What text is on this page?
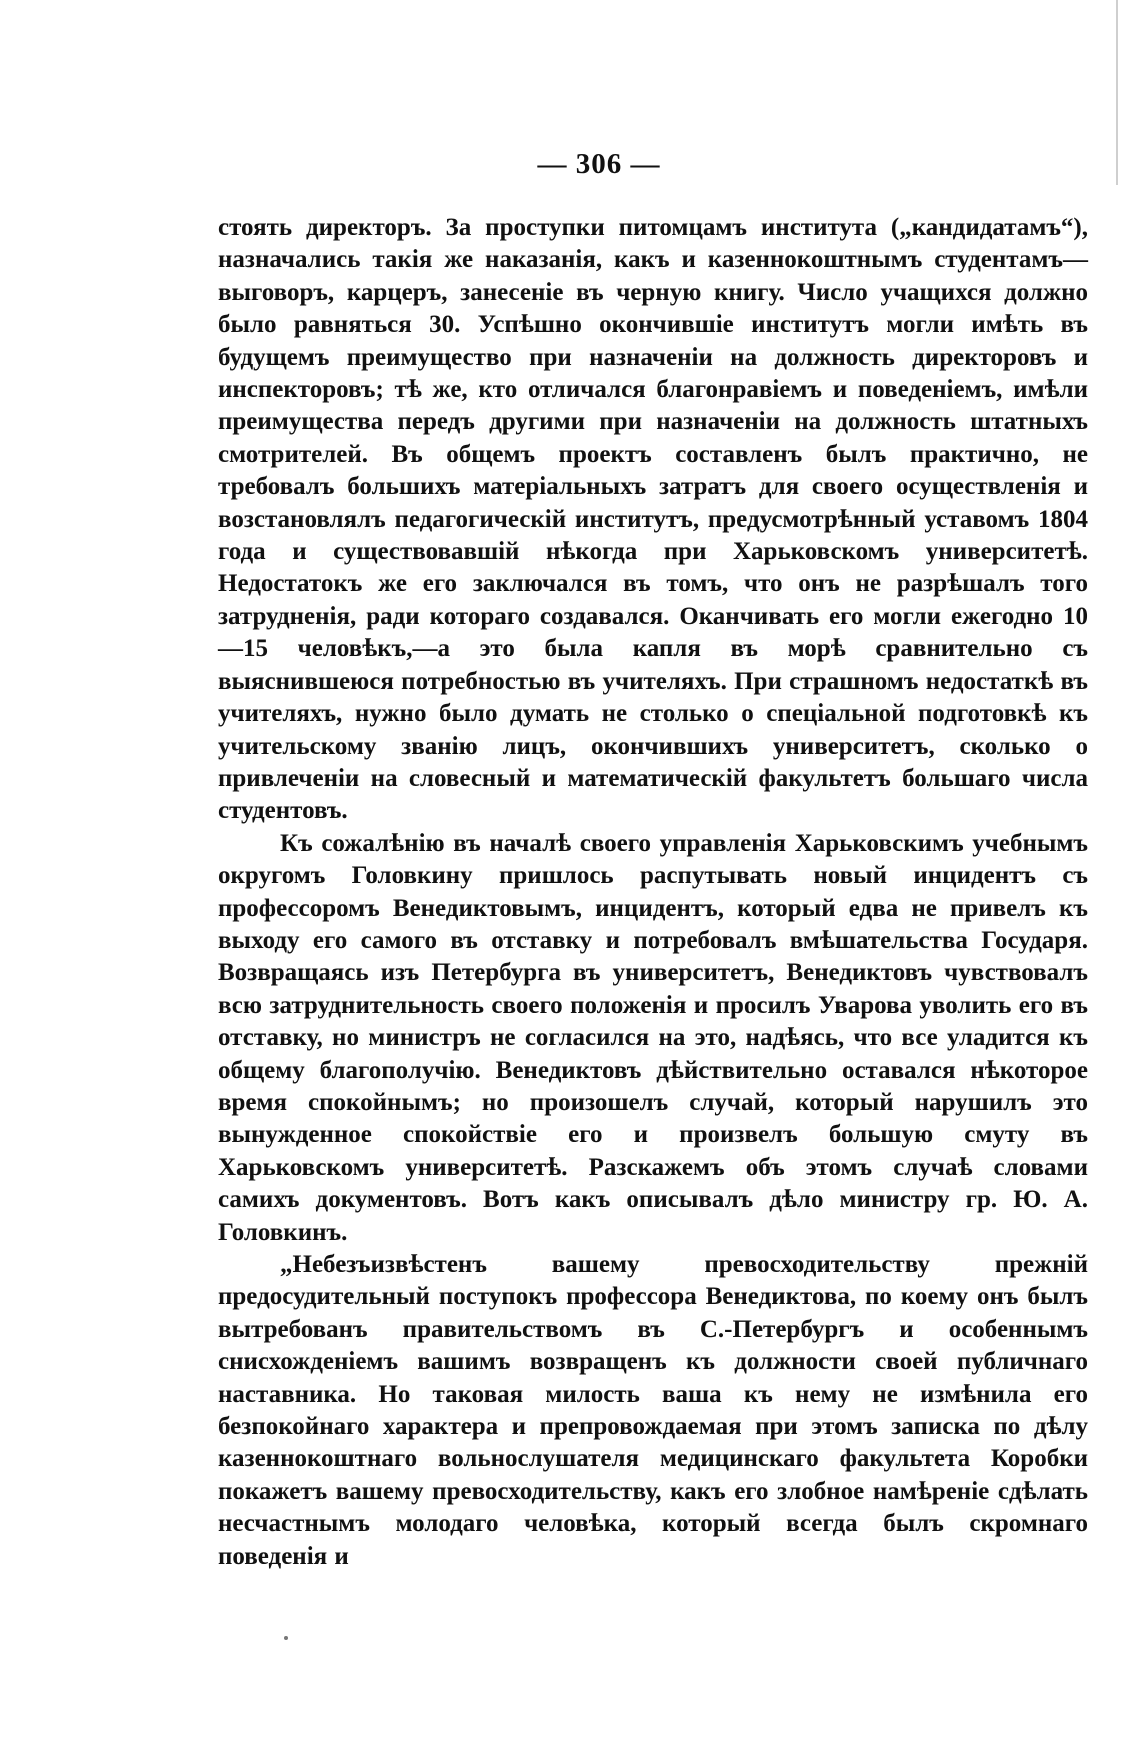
— 306 —

стоять директоръ. За проступки питомцамъ института („кандидатамъ“), назначались такія же наказанія, какъ и казеннокоштнымъ студентамъ—выговоръ, карцеръ, занесеніе въ черную книгу. Число учащихся должно было равняться 30. Успѣшно окончившіе институтъ могли имѣть въ будущемъ преимущество при назначеніи на должность директоровъ и инспекторовъ; тѣ же, кто отличался благонравіемъ и поведеніемъ, имѣли преимущества передъ другими при назначеніи на должность штатныхъ смотрителей. Въ общемъ проектъ составленъ былъ практично, не требовалъ большихъ матеріальныхъ затратъ для своего осуществленія и возстановлялъ педагогическій институтъ, предусмотрѣнный уставомъ 1804 года и существовавшій нѣкогда при Харьковскомъ университетѣ. Недостатокъ же его заключался въ томъ, что онъ не разрѣшалъ того затрудненія, ради котораго создавался. Оканчивать его могли ежегодно 10—15 человѣкъ,—а это была капля въ морѣ сравнительно съ выяснившеюся потребностью въ учителяхъ. При страшномъ недостаткѣ въ учителяхъ, нужно было думать не столько о спеціальной подготовкѣ къ учительскому званію лицъ, окончившихъ университетъ, сколько о привлеченіи на словесный и математическій факультетъ большаго числа студентовъ.

Къ сожалѣнію въ началѣ своего управленія Харьковскимъ учебнымъ округомъ Головкину пришлось распутывать новый инцидентъ съ профессоромъ Венедиктовымъ, инцидентъ, который едва не привелъ къ выходу его самого въ отставку и потребовалъ вмѣшательства Государя. Возвращаясь изъ Петербурга въ университетъ, Венедиктовъ чувствовалъ всю затруднительность своего положенія и просилъ Уварова уволить его въ отставку, но министръ не согласился на это, надѣясь, что все уладится къ общему благополучію. Венедиктовъ дѣйствительно оставался нѣкоторое время спокойнымъ; но произошелъ случай, который нарушилъ это вынужденное спокойствіе его и произвелъ большую смуту въ Харьковскомъ университетѣ. Разскажемъ объ этомъ случаѣ словами самихъ документовъ. Вотъ какъ описывалъ дѣло министру гр. Ю. А. Головкинъ.

„Небезъизвѣстенъ вашему превосходительству прежній предосудительный поступокъ профессора Венедиктова, по коему онъ былъ вытребованъ правительствомъ въ С.-Петербургъ и особеннымъ снисхожденіемъ вашимъ возвращенъ къ должности своей публичнаго наставника. Но таковая милость ваша къ нему не измѣнила его безпокойнаго характера и препровождаемая при этомъ записка по дѣлу казеннокоштнаго вольнослушателя медицинскаго факультета Коробки покажетъ вашему превосходительству, какъ его злобное намѣреніе сдѣлать несчастнымъ молодаго человѣка, который всегда былъ скромнаго поведенія и
